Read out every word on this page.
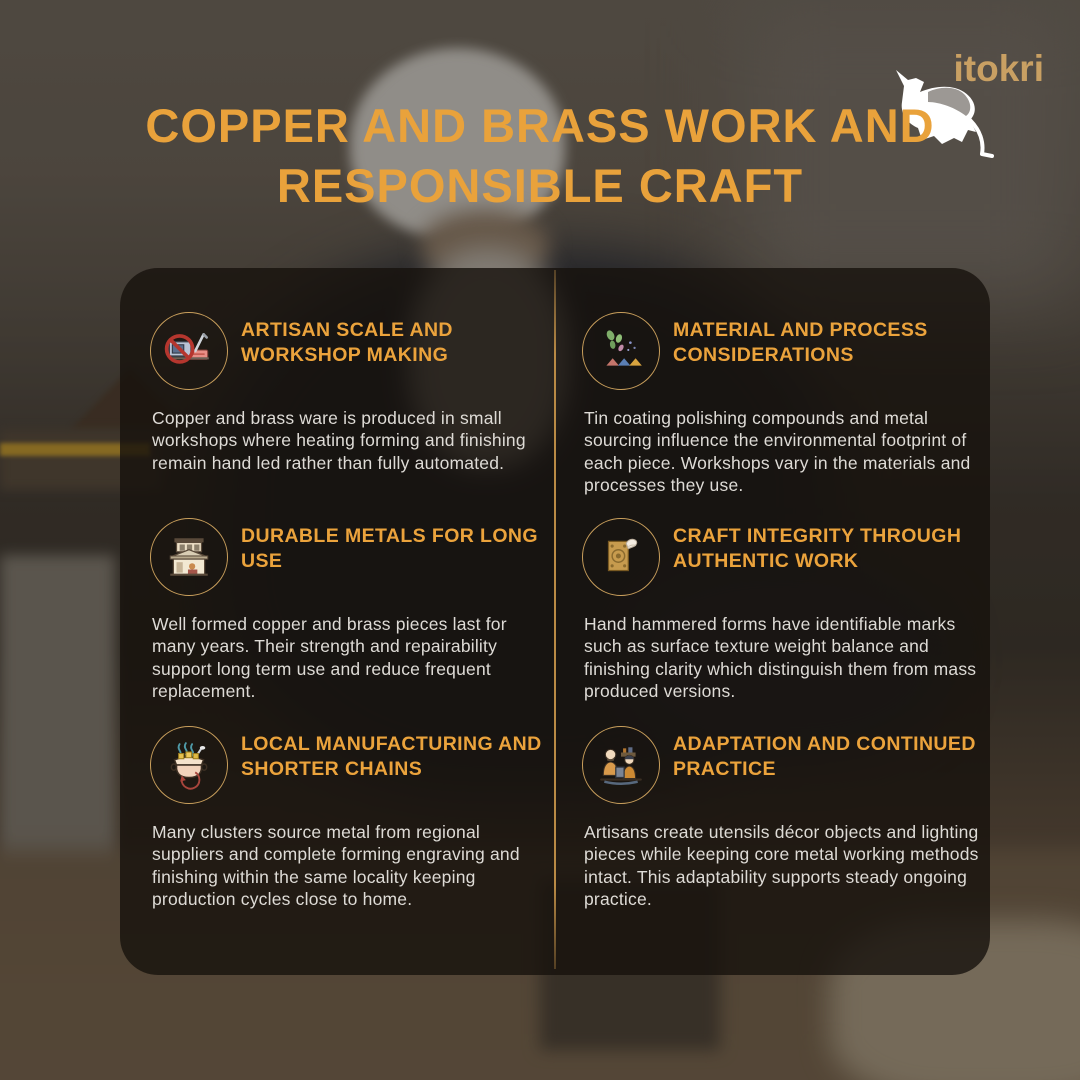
itokri
COPPER AND BRASS WORK AND
RESPONSIBLE CRAFT
ARTISAN SCALE AND WORKSHOP MAKING

Copper and brass ware is produced in small workshops where heating forming and finishing remain hand led rather than fully automated.

MATERIAL AND PROCESS CONSIDERATIONS

Tin coating polishing compounds and metal sourcing influence the environmental footprint of each piece. Workshops vary in the materials and processes they use.

DURABLE METALS FOR LONG USE

Well formed copper and brass pieces last for many years. Their strength and repairability support long term use and reduce frequent replacement.

CRAFT INTEGRITY THROUGH AUTHENTIC WORK

Hand hammered forms have identifiable marks such as surface texture weight balance and finishing clarity which distinguish them from mass produced versions.

LOCAL MANUFACTURING AND SHORTER CHAINS

Many clusters source metal from regional suppliers and complete forming engraving and finishing within the same locality keeping production cycles close to home.

ADAPTATION AND CONTINUED PRACTICE

Artisans create utensils décor objects and lighting pieces while keeping core metal working methods intact. This adaptability supports steady ongoing practice.
